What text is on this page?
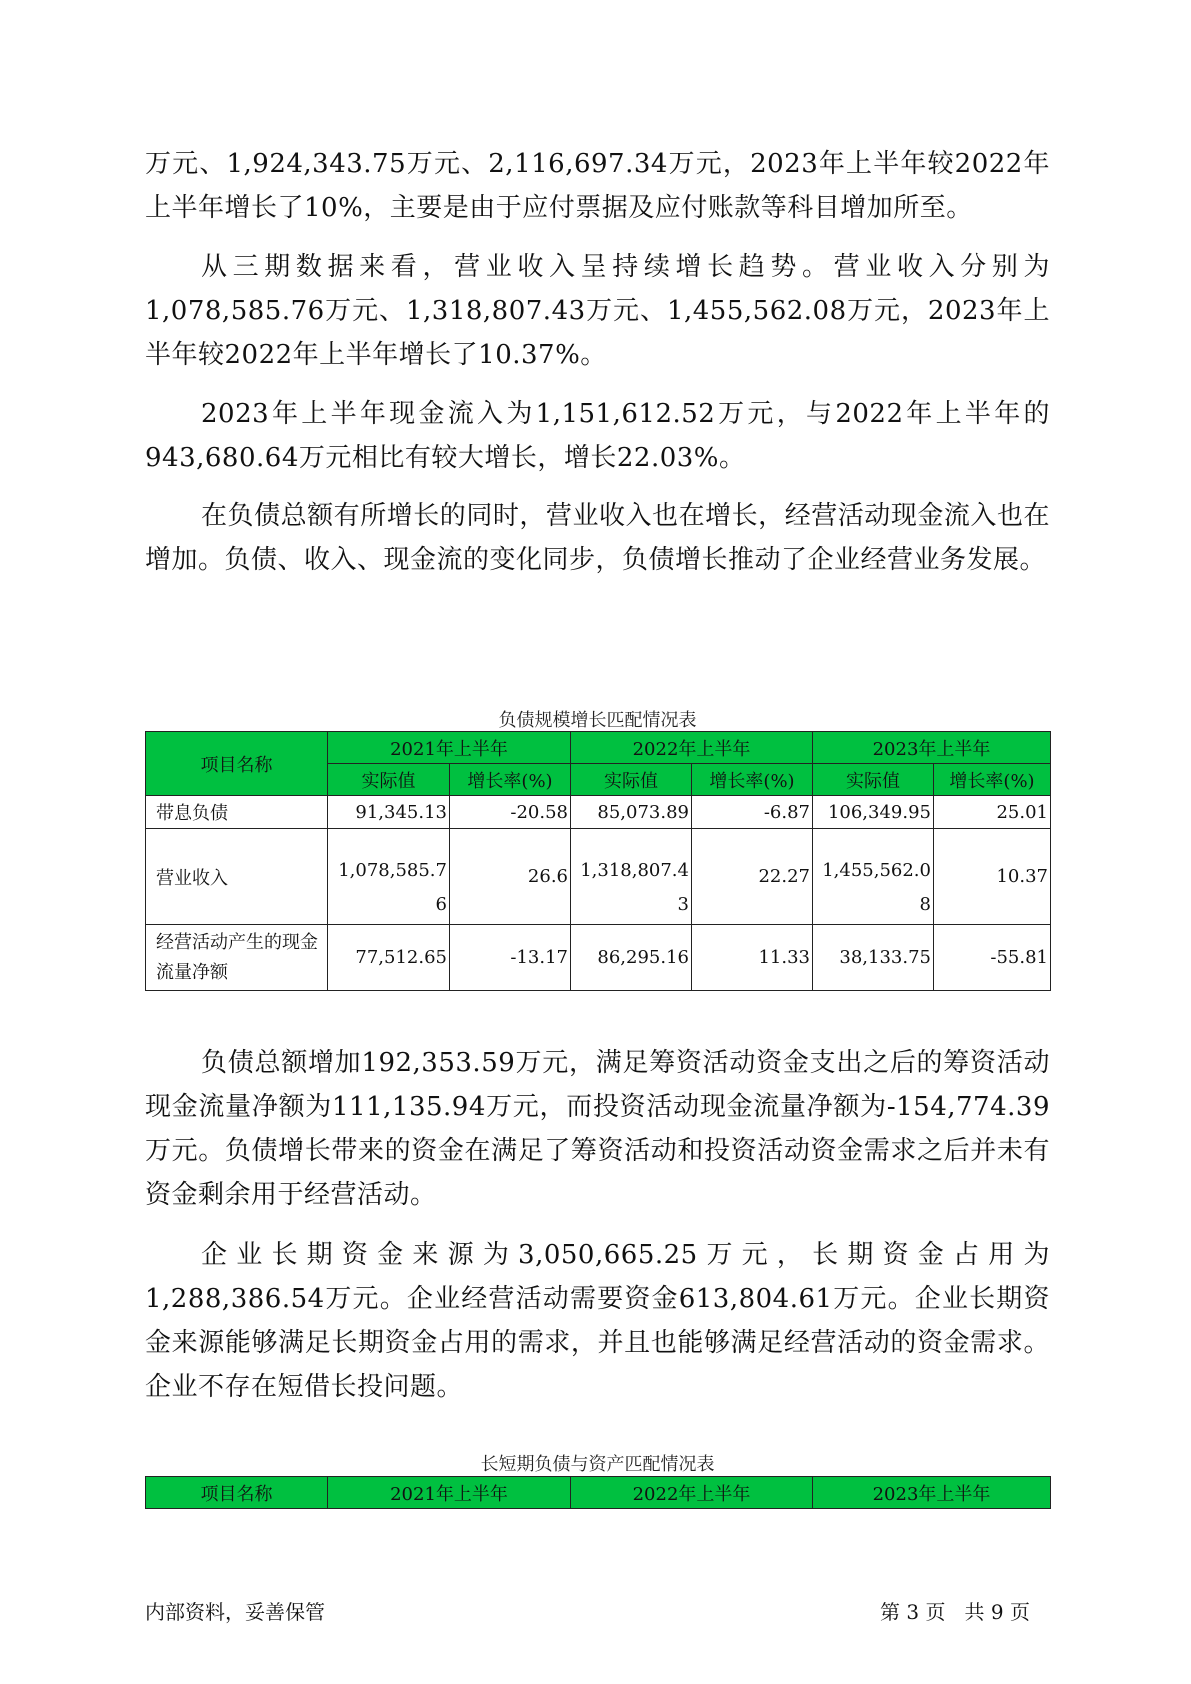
万元、1,924,343.75万元、2,116,697.34万元，2023年上半年较2022年上半年增长了10%，主要是由于应付票据及应付账款等科目增加所至。

从三期数据来看，营业收入呈持续增长趋势。营业收入分别为1,078,585.76万元、1,318,807.43万元、1,455,562.08万元，2023年上半年较2022年上半年增长了10.37%。

2023年上半年现金流入为1,151,612.52万元，与2022年上半年的943,680.64万元相比有较大增长，增长22.03%。

在负债总额有所增长的同时，营业收入也在增长，经营活动现金流入也在增加。负债、收入、现金流的变化同步，负债增长推动了企业经营业务发展。

负债规模增长匹配情况表
项目名称	2021年上半年		2022年上半年		2023年上半年	
	实际值	增长率(%)	实际值	增长率(%)	实际值	增长率(%)
带息负债	91,345.13	-20.58	85,073.89	-6.87	106,349.95	25.01
营业收入	1,078,585.76	26.6	1,318,807.43	22.27	1,455,562.08	10.37
经营活动产生的现金流量净额	77,512.65	-13.17	86,295.16	11.33	38,133.75	-55.81

负债总额增加192,353.59万元，满足筹资活动资金支出之后的筹资活动现金流量净额为111,135.94万元，而投资活动现金流量净额为-154,774.39万元。负债增长带来的资金在满足了筹资活动和投资活动资金需求之后并未有资金剩余用于经营活动。

企业长期资金来源为3,050,665.25万元，长期资金占用为1,288,386.54万元。企业经营活动需要资金613,804.61万元。企业长期资金来源能够满足长期资金占用的需求，并且也能够满足经营活动的资金需求。企业不存在短借长投问题。

长短期负债与资产匹配情况表
项目名称	2021年上半年	2022年上半年	2023年上半年
内部资料，妥善保管	第 3 页   共 9 页
